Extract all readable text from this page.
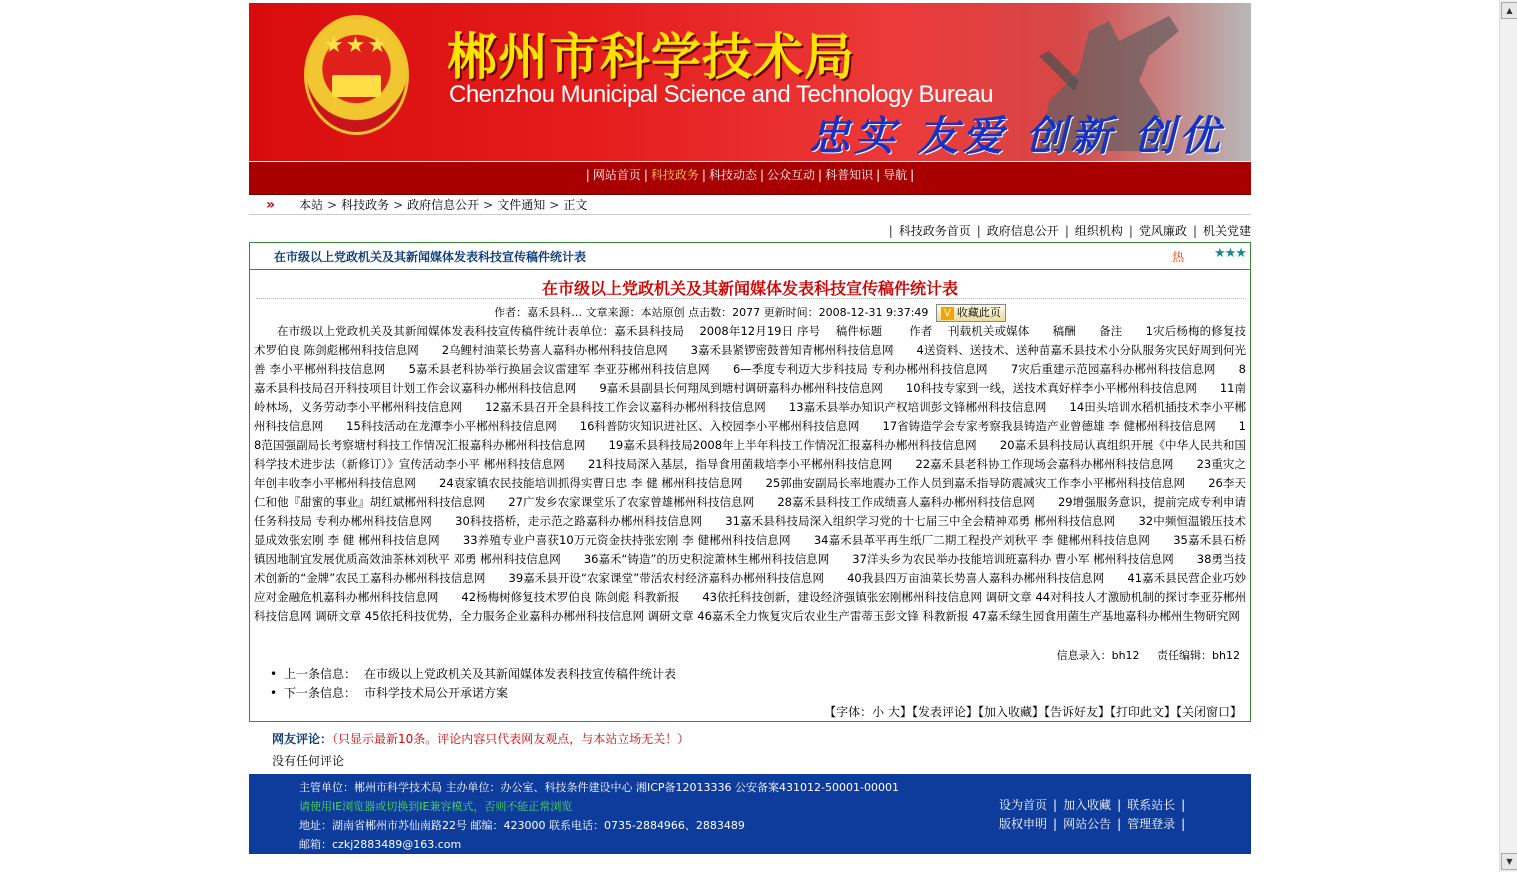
★★★	郴州市科学技术局
Chenzhou Municipal Science and Technology Bureau
忠实 友爱 创新 创优
| 网站首页 | 科技政务 | 科技动态 | 公众互动 | 科普知识 | 导航 |
» 本站 > 科技政务 > 政府信息公开 > 文件通知 > 正文
| 科技政务首页 | 政府信息公开 | 组织机构 | 党风廉政 | 机关党建
在市级以上党政机关及其新闻媒体发表科技宣传稿件统计表	热 ★★★
在市级以上党政机关及其新闻媒体发表科技宣传稿件统计表
作者：嘉禾县科… 文章来源：本站原创 点击数：2077 更新时间：2008-12-31 9:37:49 V 收藏此页
在市级以上党政机关及其新闻媒体发表科技宣传稿件统计表单位：嘉禾县科技局　 2008年12月19日 序号　 稿件标题　　 作者　 刊载机关或媒体　　稿酬　　备注　　1灾后杨梅的修复技术罗伯良 陈剑彪郴州科技信息网　　2乌鲤村油菜长势喜人嘉科办郴州科技信息网　　3嘉禾县紧锣密鼓普知青郴州科技信息网　　4送资料、送技术、送种苗嘉禾县技术小分队服务灾民好周到何光善 李小平郴州科技信息网　　5嘉禾县老科协举行换届会议雷建军 李亚芬郴州科技信息网　　6—季度专利迈大步科技局 专利办郴州科技信息网　　7灾后重建示范园嘉科办郴州科技信息网　　8嘉禾县科技局召开科技项目计划工作会议嘉科办郴州科技信息网　　9嘉禾县副县长何翔凤到塘村调研嘉科办郴州科技信息网　　10科技专家到一线，送技术真好样李小平郴州科技信息网　　11南岭林场，义务劳动李小平郴州科技信息网　　12嘉禾县召开全县科技工作会议嘉科办郴州科技信息网　　13嘉禾县举办知识产权培训彭文锋郴州科技信息网　　14田头培训水稻机插技术李小平郴州科技信息网　　15科技活动在龙潭李小平郴州科技信息网　　16科普防灾知识进社区、入校园李小平郴州科技信息网　　17省铸造学会专家考察我县铸造产业曾德雄 李 健郴州科技信息网　　18范国强副局长考察塘村科技工作情况汇报嘉科办郴州科技信息网　　19嘉禾县科技局2008年上半年科技工作情况汇报嘉科办郴州科技信息网　　20嘉禾县科技局认真组织开展《中华人民共和国科学技术进步法（新修订）》宣传活动李小平 郴州科技信息网　　21科技局深入基层，指导食用菌栽培李小平郴州科技信息网　　22嘉禾县老科协工作现场会嘉科办郴州科技信息网　　23重灾之年创丰收李小平郴州科技信息网　　24袁家镇农民技能培训抓得实曹日忠 李 健 郴州科技信息网　　25郭曲安副局长率地震办工作人员到嘉禾指导防震减灾工作李小平郴州科技信息网　　26李天仁和他『甜蜜的事业』胡红斌郴州科技信息网　　27广发乡农家课堂乐了农家曾雄郴州科技信息网　　28嘉禾县科技工作成绩喜人嘉科办郴州科技信息网　　29增强服务意识，提前完成专利申请任务科技局 专利办郴州科技信息网　　30科技搭桥，走示范之路嘉科办郴州科技信息网　　31嘉禾县科技局深入组织学习党的十七届三中全会精神邓勇 郴州科技信息网　　32中频恒温锻压技术显成效张宏刚 李 健 郴州科技信息网　　33养殖专业户喜获10万元资金扶持张宏刚 李 健郴州科技信息网　　34嘉禾县革平再生纸厂二期工程投产刘秋平 李 健郴州科技信息网　　35嘉禾县石桥镇因地制宜发展优质高效油茶林刘秋平 邓勇 郴州科技信息网　　36嘉禾“铸造”的历史积淀萧林生郴州科技信息网　　37洋头乡为农民举办技能培训班嘉科办 曹小军 郴州科技信息网　　38勇当技术创新的“金牌”农民工嘉科办郴州科技信息网　　39嘉禾县开设“农家课堂”带活农村经济嘉科办郴州科技信息网　　40我县四万亩油菜长势喜人嘉科办郴州科技信息网　　41嘉禾县民营企业巧妙应对金融危机嘉科办郴州科技信息网　　42杨梅树修复技术罗伯良 陈剑彪 科教新报　　43依托科技创新，建设经济强镇张宏刚郴州科技信息网 调研文章 44对科技人才激励机制的探讨李亚芬郴州科技信息网 调研文章 45依托科技优势，全力服务企业嘉科办郴州科技信息网 调研文章 46嘉禾全力恢复灾后农业生产雷蒂玉彭文锋 科教新报 47嘉禾绿生园食用菌生产基地嘉科办郴州生物研究网
信息录入：bh12 责任编辑：bh12
• 上一条信息： 在市级以上党政机关及其新闻媒体发表科技宣传稿件统计表
• 下一条信息： 市科学技术局公开承诺方案
【字体：小 大】【发表评论】【加入收藏】【告诉好友】【打印此文】【关闭窗口】
网友评论：（只显示最新10条。评论内容只代表网友观点，与本站立场无关！）
没有任何评论
主管单位：郴州市科学技术局 主办单位：办公室、科技条件建设中心 湘ICP备12013336 公安备案431012-50001-00001
请使用IE浏览器或切换到IE兼容模式，否则不能正常浏览
地址：湖南省郴州市苏仙南路22号 邮编：423000 联系电话：0735-2884966、2883489
邮箱：czkj2883489@163.com
设为首页 | 加入收藏 | 联系站长 |
版权申明 | 网站公告 | 管理登录 |
▲
▼
